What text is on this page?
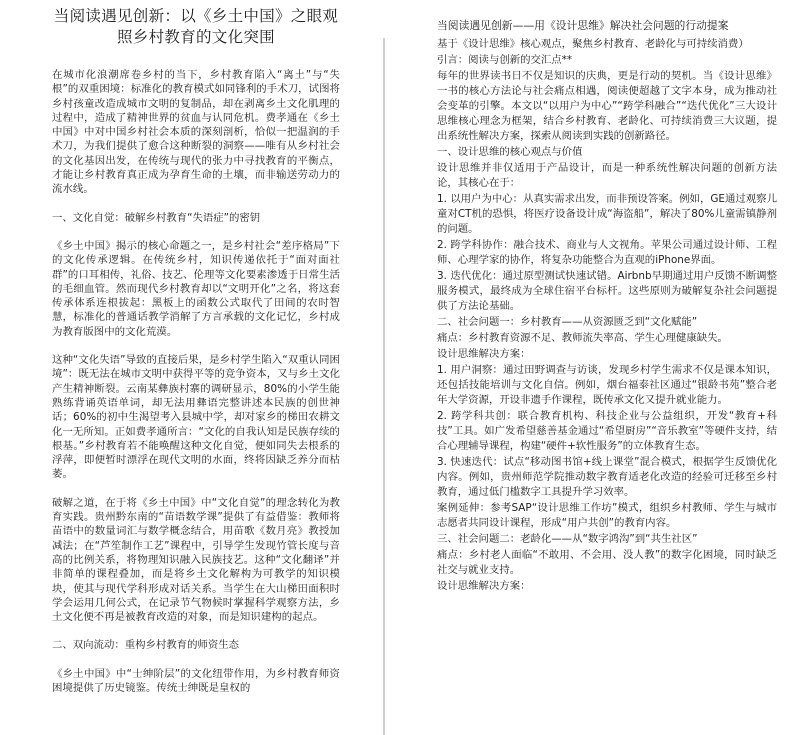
当阅读遇见创新：以《乡土中国》之眼观照乡村教育的文化突围

在城市化浪潮席卷乡村的当下，乡村教育陷入“离土”与“失根”的双重困境：标准化的教育模式如同锋利的手术刀，试图将乡村孩童改造成城市文明的复制品，却在剥离乡土文化肌理的过程中，造成了精神世界的贫血与认同危机。费孝通在《乡土中国》中对中国乡村社会本质的深刻剖析，恰似一把温润的手术刀，为我们提供了愈合这种断裂的洞察——唯有从乡村社会的文化基因出发，在传统与现代的张力中寻找教育的平衡点，才能让乡村教育真正成为孕育生命的土壤，而非输送劳动力的流水线。

一、文化自觉：破解乡村教育“失语症”的密钥

《乡土中国》揭示的核心命题之一，是乡村社会“差序格局”下的文化传承逻辑。在传统乡村，知识传递依托于“面对面社群”的口耳相传，礼俗、技艺、伦理等文化要素渗透于日常生活的毛细血管。然而现代乡村教育却以“文明开化”之名，将这套传承体系连根拔起：黑板上的函数公式取代了田间的农时智慧，标准化的普通话教学消解了方言承载的文化记忆，乡村成为教育版图中的文化荒漠。

这种“文化失语”导致的直接后果，是乡村学生陷入“双重认同困境”：既无法在城市文明中获得平等的竞争资本，又与乡土文化产生精神断裂。云南某彝族村寨的调研显示，80%的小学生能熟练背诵英语单词，却无法用彝语完整讲述本民族的创世神话；60%的初中生渴望考入县城中学，却对家乡的梯田农耕文化一无所知。正如费孝通所言：“文化的自我认知是民族存续的根基。”乡村教育若不能唤醒这种文化自觉，便如同失去根系的浮萍，即便暂时漂浮在现代文明的水面，终将因缺乏养分而枯萎。

破解之道，在于将《乡土中国》中“文化自觉”的理念转化为教育实践。贵州黔东南的“苗语数学课”提供了有益借鉴：教师将苗语中的数量词汇与数学概念结合，用苗歌《数月亮》教授加减法；在“芦笙制作工艺”课程中，引导学生发现竹管长度与音高的比例关系，将物理知识融入民族技艺。这种“文化翻译”并非简单的课程叠加，而是将乡土文化解构为可教学的知识模块，使其与现代学科形成对话关系。当学生在大山梯田面积时学会运用几何公式，在记录节气物候时掌握科学观察方法，乡土文化便不再是被教育改造的对象，而是知识建构的起点。

二、双向流动：重构乡村教育的师资生态

《乡土中国》中“士绅阶层”的文化纽带作用，为乡村教育师资困境提供了历史镜鉴。传统士绅既是皇权的

当阅读遇见创新——用《设计思维》解决社会问题的行动提案

基于《设计思维》核心观点，聚焦乡村教育、老龄化与可持续消费）

引言：阅读与创新的交汇点**

每年的世界读书日不仅是知识的庆典，更是行动的契机。当《设计思维》一书的核心方法论与社会痛点相遇，阅读便超越了文字本身，成为推动社会变革的引擎。本文以“以用户为中心”“跨学科融合”“迭代优化”三大设计思维核心理念为框架，结合乡村教育、老龄化、可持续消费三大议题，提出系统性解决方案，探索从阅读到实践的创新路径。

一、设计思维的核心观点与价值

设计思维并非仅适用于产品设计，而是一种系统性解决问题的创新方法论，其核心在于：

1. 以用户为中心：从真实需求出发，而非预设答案。例如，GE通过观察儿童对CT机的恐惧，将医疗设备设计成“海盗船”，解决了80%儿童需镇静剂的问题。

2. 跨学科协作：融合技术、商业与人文视角。苹果公司通过设计师、工程师、心理学家的协作，将复杂功能整合为直观的iPhone界面。

3. 迭代优化：通过原型测试快速试错。Airbnb早期通过用户反馈不断调整服务模式，最终成为全球住宿平台标杆。这些原则为破解复杂社会问题提供了方法论基础。

二、社会问题一：乡村教育——从资源匮乏到“文化赋能”

痛点：乡村教育资源不足、教师流失率高、学生心理健康缺失。

设计思维解决方案：

1. 用户洞察：通过田野调查与访谈，发现乡村学生需求不仅是课本知识，还包括技能培训与文化自信。例如，烟台福泰社区通过“银龄书苑”整合老年大学资源，开设非遗手作课程，既传承文化又提升就业能力。

2. 跨学科共创：联合教育机构、科技企业与公益组织，开发“教育+科技”工具。如广发希望慈善基金通过“希望厨房”“音乐教室”等硬件支持，结合心理辅导课程，构建“硬件+软性服务”的立体教育生态。

3. 快速迭代：试点“移动图书馆+线上课堂”混合模式，根据学生反馈优化内容。例如，贵州师范学院推动数字教育适老化改造的经验可迁移至乡村教育，通过低门槛数字工具提升学习效率。

案例延伸：参考SAP“设计思维工作坊”模式，组织乡村教师、学生与城市志愿者共同设计课程，形成“用户共创”的教育内容。

三、社会问题二：老龄化——从“数字鸿沟”到“共生社区”

痛点：乡村老人面临“不敢用、不会用、没人教”的数字化困境，同时缺乏社交与就业支持。

设计思维解决方案：
